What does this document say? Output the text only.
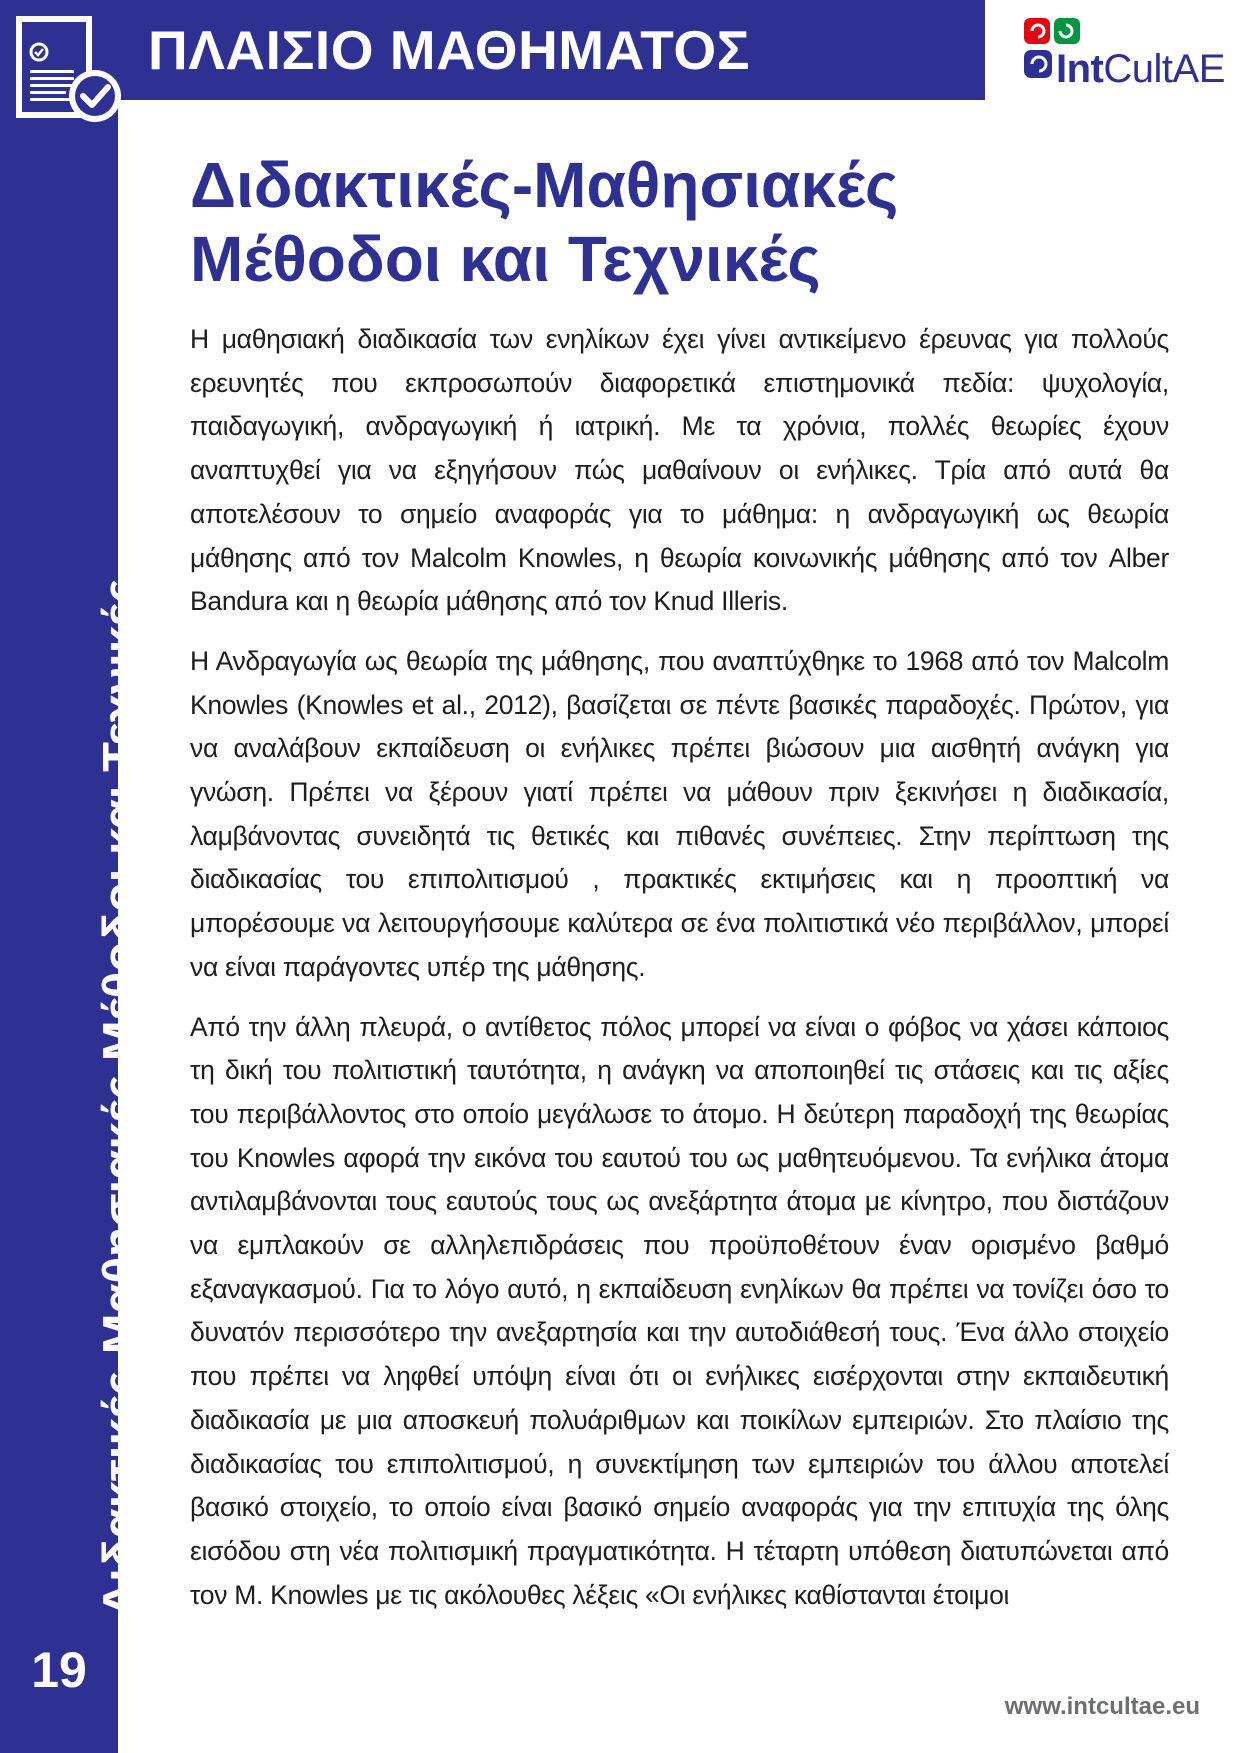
ΠΛΑΙΣΙΟ ΜΑΘΗΜΑΤΟΣ	IntCultAE
Διδακτικές-Μαθησιακές Μέθοδοι και Τεχνικές
19
Διδακτικές-Μαθησιακές
Μέθοδοι και Τεχνικές

Η μαθησιακή διαδικασία των ενηλίκων έχει γίνει αντικείμενο έρευνας για πολλούς ερευνητές που εκπροσωπούν διαφορετικά επιστημονικά πεδία: ψυχολογία, παιδαγωγική, ανδραγωγική ή ιατρική. Με τα χρόνια, πολλές θεωρίες έχουν αναπτυχθεί για να εξηγήσουν πώς μαθαίνουν οι ενήλικες. Τρία από αυτά θα αποτελέσουν το σημείο αναφοράς για το μάθημα: η ανδραγωγική ως θεωρία μάθησης από τον Malcolm Knowles, η θεωρία κοινωνικής μάθησης από τον Alber Bandura και η θεωρία μάθησης από τον Knud Illeris.

Η Ανδραγωγία ως θεωρία της μάθησης, που αναπτύχθηκε το 1968 από τον Malcolm Knowles (Knowles et al., 2012), βασίζεται σε πέντε βασικές παραδοχές. Πρώτον, για να αναλάβουν εκπαίδευση οι ενήλικες πρέπει βιώσουν μια αισθητή ανάγκη για γνώση. Πρέπει να ξέρουν γιατί πρέπει να μάθουν πριν ξεκινήσει η διαδικασία, λαμβάνοντας συνειδητά τις θετικές και πιθανές συνέπειες. Στην περίπτωση της διαδικασίας του επιπολιτισμού , πρακτικές εκτιμήσεις και η προοπτική να μπορέσουμε να λειτουργήσουμε καλύτερα σε ένα πολιτιστικά νέο περιβάλλον, μπορεί να είναι παράγοντες υπέρ της μάθησης.

Από την άλλη πλευρά, ο αντίθετος πόλος μπορεί να είναι ο φόβος να χάσει κάποιος τη δική του πολιτιστική ταυτότητα, η ανάγκη να αποποιηθεί τις στάσεις και τις αξίες του περιβάλλοντος στο οποίο μεγάλωσε το άτομο. Η δεύτερη παραδοχή της θεωρίας του Knowles αφορά την εικόνα του εαυτού του ως μαθητευόμενου. Τα ενήλικα άτομα αντιλαμβάνονται τους εαυτούς τους ως ανεξάρτητα άτομα με κίνητρο, που διστάζουν να εμπλακούν σε αλληλεπιδράσεις που προϋποθέτουν έναν ορισμένο βαθμό εξαναγκασμού. Για το λόγο αυτό, η εκπαίδευση ενηλίκων θα πρέπει να τονίζει όσο το δυνατόν περισσότερο την ανεξαρτησία και την αυτοδιάθεσή τους. Ένα άλλο στοιχείο που πρέπει να ληφθεί υπόψη είναι ότι οι ενήλικες εισέρχονται στην εκπαιδευτική διαδικασία με μια αποσκευή πολυάριθμων και ποικίλων εμπειριών. Στο πλαίσιο της διαδικασίας του επιπολιτισμού, η συνεκτίμηση των εμπειριών του άλλου αποτελεί βασικό στοιχείο, το οποίο είναι βασικό σημείο αναφοράς για την επιτυχία της όλης εισόδου στη νέα πολιτισμική πραγματικότητα. Η τέταρτη υπόθεση διατυπώνεται από τον M. Knowles με τις ακόλουθες λέξεις «Οι ενήλικες καθίστανται έτοιμοι

www.intcultae.eu
